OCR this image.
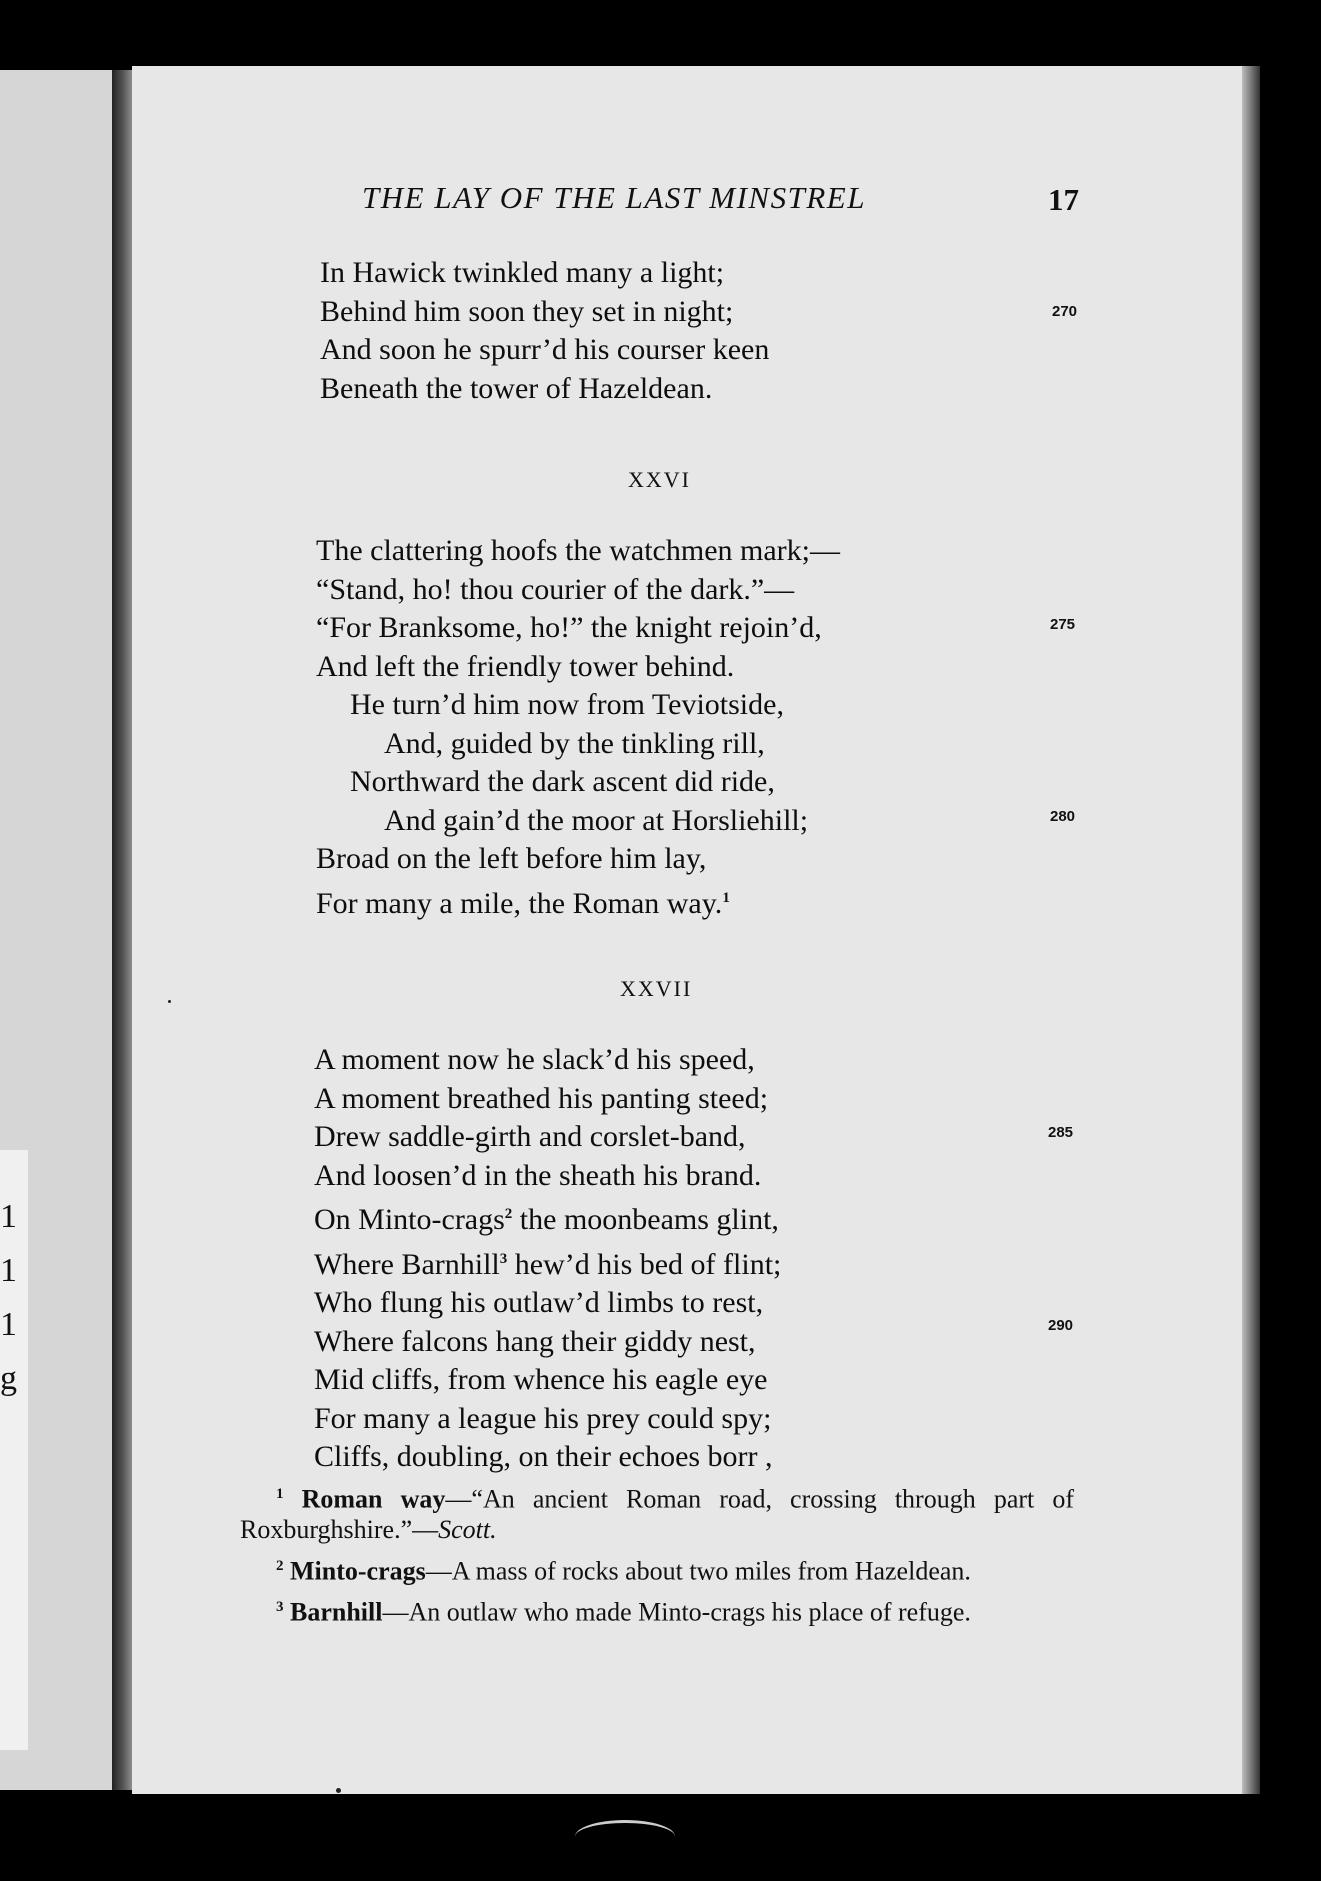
1
1
1
g
THE LAY OF THE LAST MINSTREL	17
In Hawick twinkled many a light;
Behind him soon they set in night;
And soon he spurr’d his courser keen
Beneath the tower of Hazeldean.
270
XXVI
The clattering hoofs the watchmen mark;—
“Stand, ho! thou courier of the dark.”—
“For Branksome, ho!” the knight rejoin’d,
And left the friendly tower behind.
He turn’d him now from Teviotside,
And, guided by the tinkling rill,
Northward the dark ascent did ride,
And gain’d the moor at Horsliehill;
Broad on the left before him lay,
For many a mile, the Roman way.$^1$
275
280
XXVII
A moment now he slack’d his speed,
A moment breathed his panting steed;
Drew saddle-girth and corslet-band,
And loosen’d in the sheath his brand.
On Minto-crags$^2$ the moonbeams glint,
Where Barnhill$^3$ hew’d his bed of flint;
Who flung his outlaw’d limbs to rest,
Where falcons hang their giddy nest,
Mid cliffs, from whence his eagle eye
For many a league his prey could spy;
Cliffs, doubling, on their echoes borr ,
285
290
$^1$ Roman way—“An ancient Roman road, crossing through part of Roxburghshire.”—Scott.
$^2$ Minto-crags—A mass of rocks about two miles from Hazeldean.
$^3$ Barnhill—An outlaw who made Minto-crags his place of refuge.
